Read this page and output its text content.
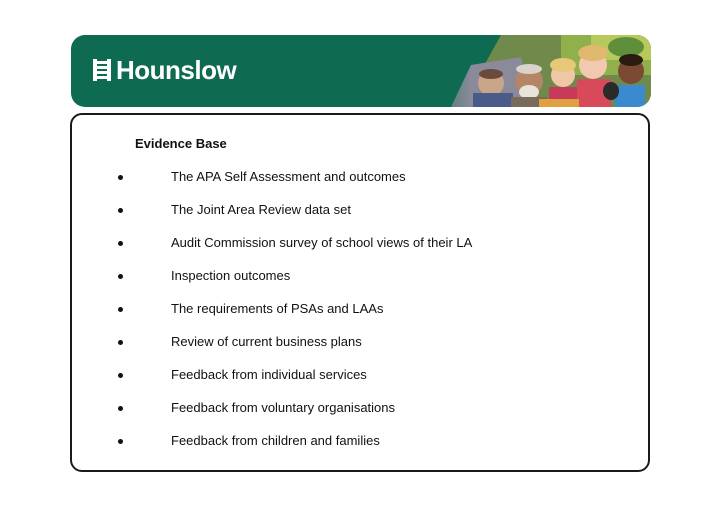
Hounslow
Evidence Base
The APA Self Assessment and outcomes
The Joint Area Review data set
Audit Commission survey of school views of their LA
Inspection outcomes
The requirements of PSAs and LAAs
Review of current business plans
Feedback from individual services
Feedback from voluntary organisations
Feedback from children and families
